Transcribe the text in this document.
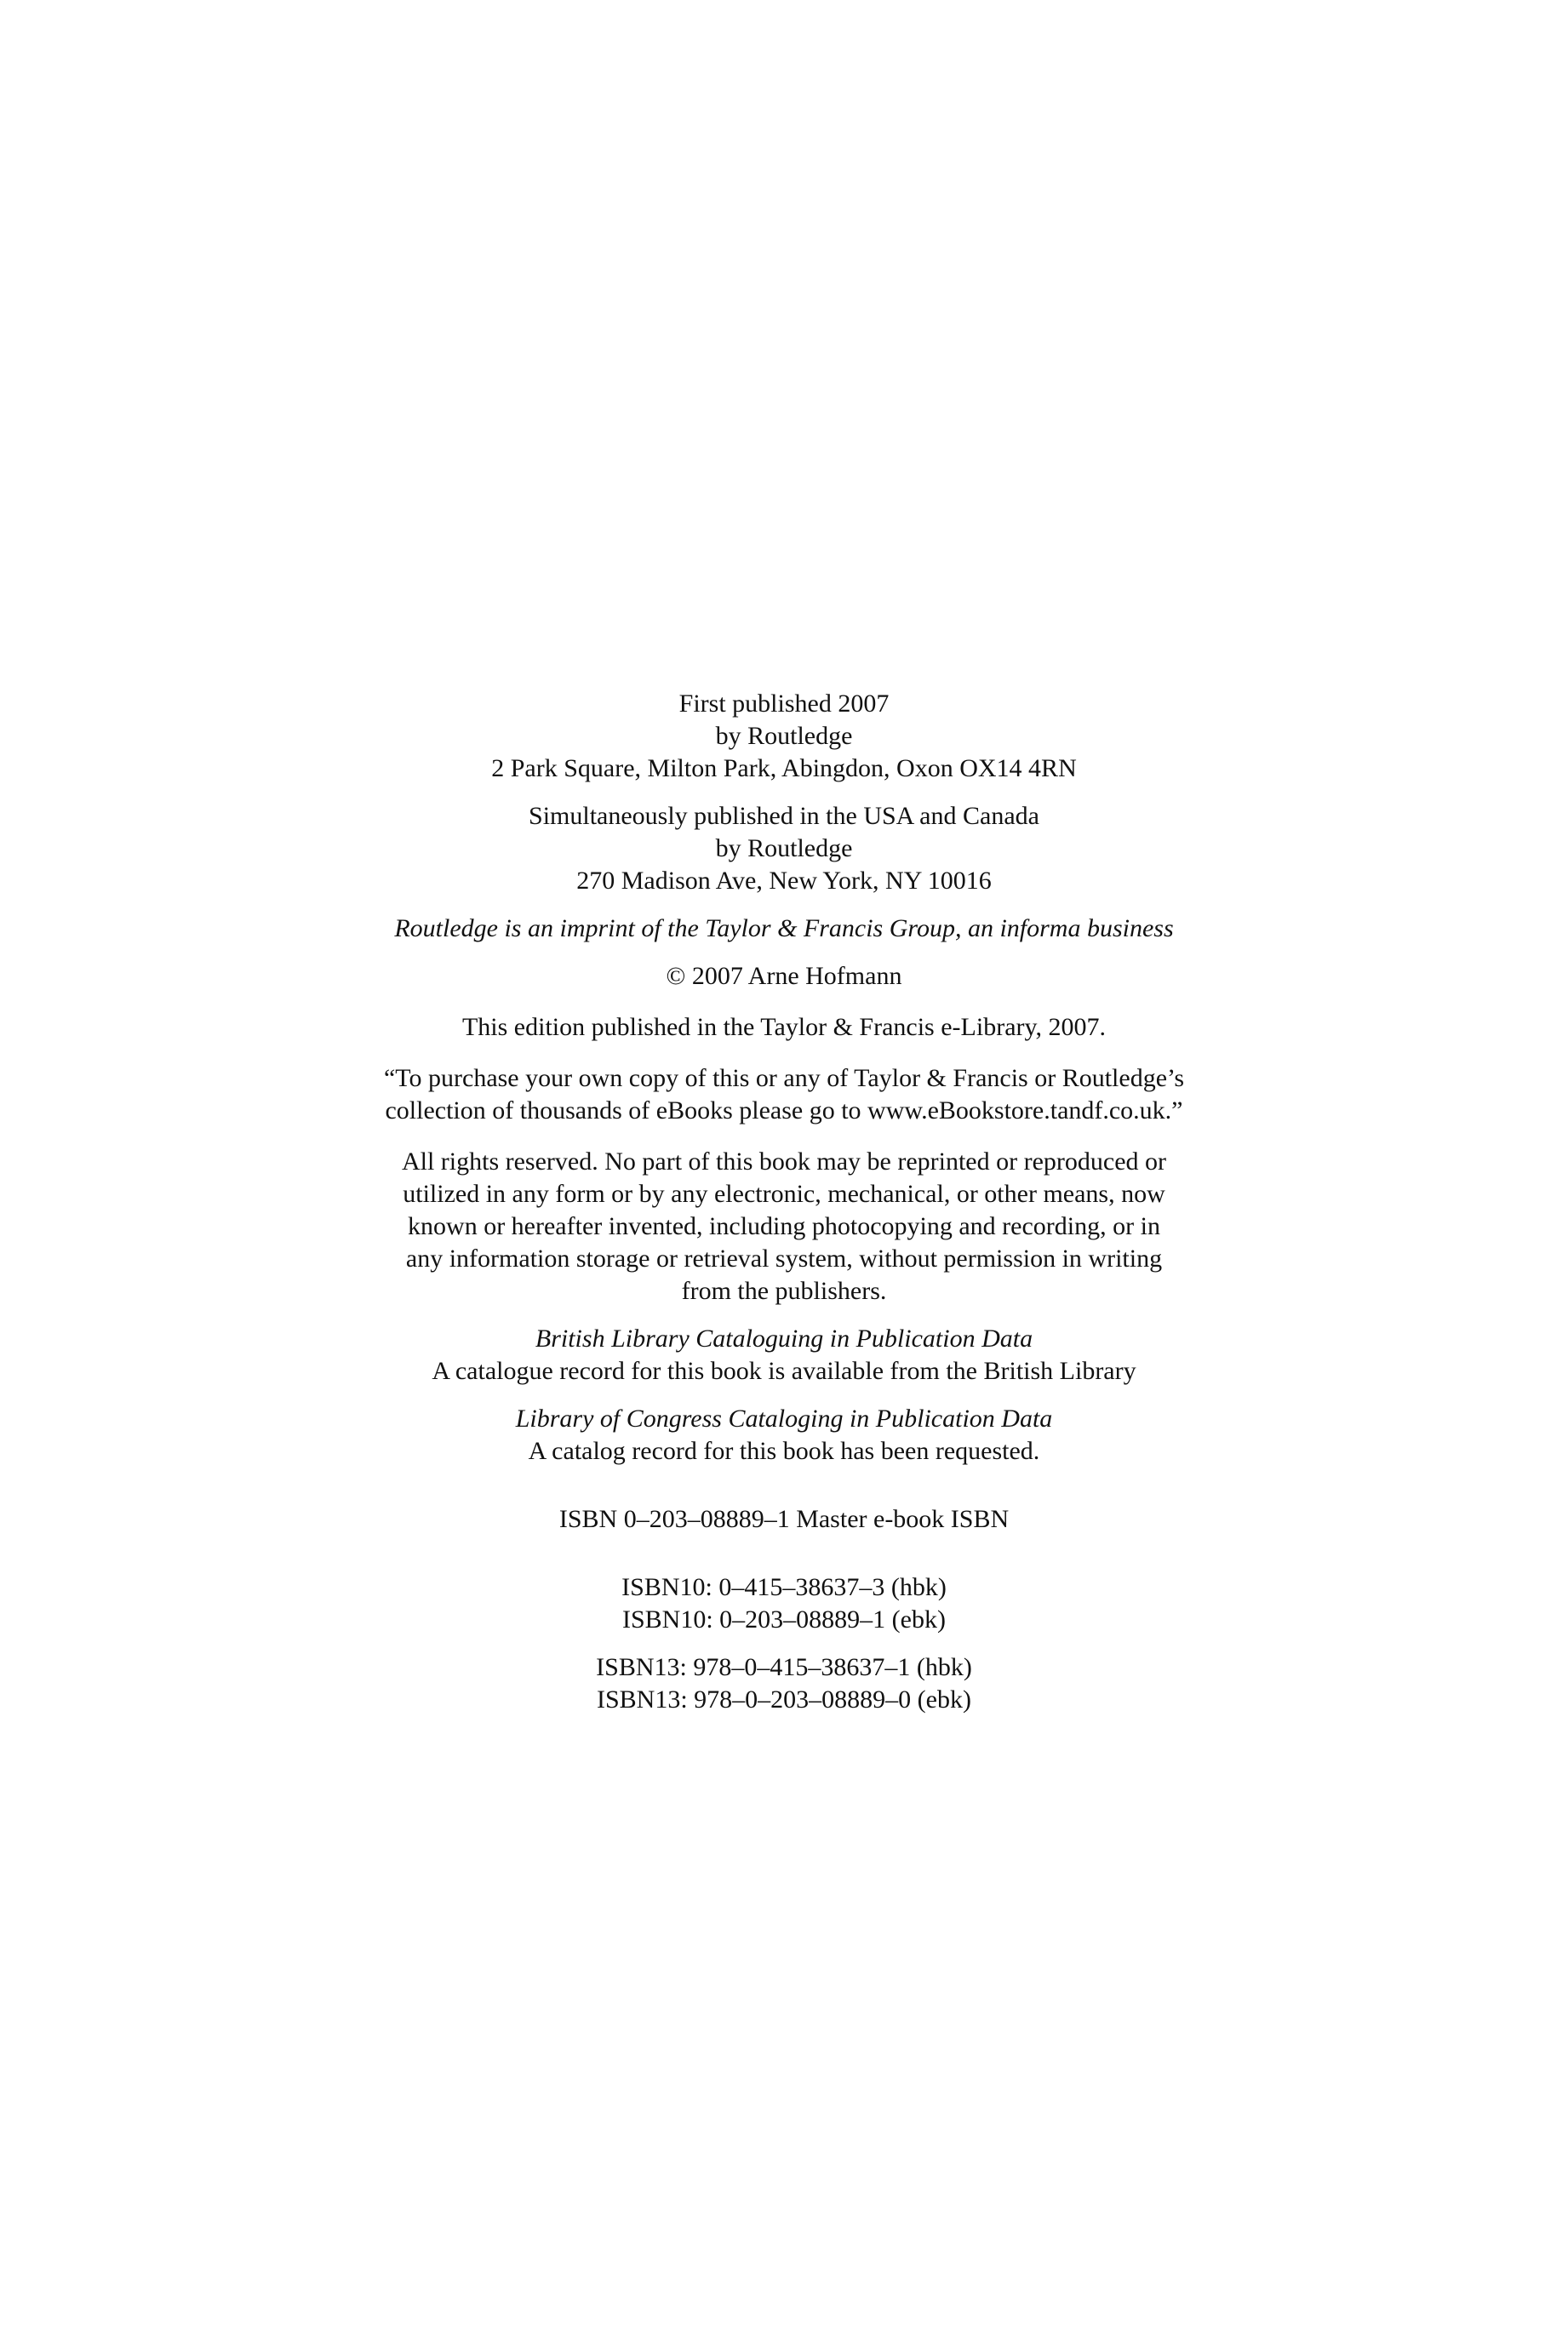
First published 2007
by Routledge
2 Park Square, Milton Park, Abingdon, Oxon OX14 4RN
Simultaneously published in the USA and Canada
by Routledge
270 Madison Ave, New York, NY 10016
Routledge is an imprint of the Taylor & Francis Group, an informa business
© 2007 Arne Hofmann
This edition published in the Taylor & Francis e-Library, 2007.
“To purchase your own copy of this or any of Taylor & Francis or Routledge’s
collection of thousands of eBooks please go to www.eBookstore.tandf.co.uk.”
All rights reserved. No part of this book may be reprinted or reproduced or
utilized in any form or by any electronic, mechanical, or other means, now
known or hereafter invented, including photocopying and recording, or in
any information storage or retrieval system, without permission in writing
from the publishers.
British Library Cataloguing in Publication Data
A catalogue record for this book is available from the British Library
Library of Congress Cataloging in Publication Data
A catalog record for this book has been requested.
ISBN 0–203–08889–1 Master e-book ISBN
ISBN10: 0–415–38637–3 (hbk)
ISBN10: 0–203–08889–1 (ebk)
ISBN13: 978–0–415–38637–1 (hbk)
ISBN13: 978–0–203–08889–0 (ebk)
